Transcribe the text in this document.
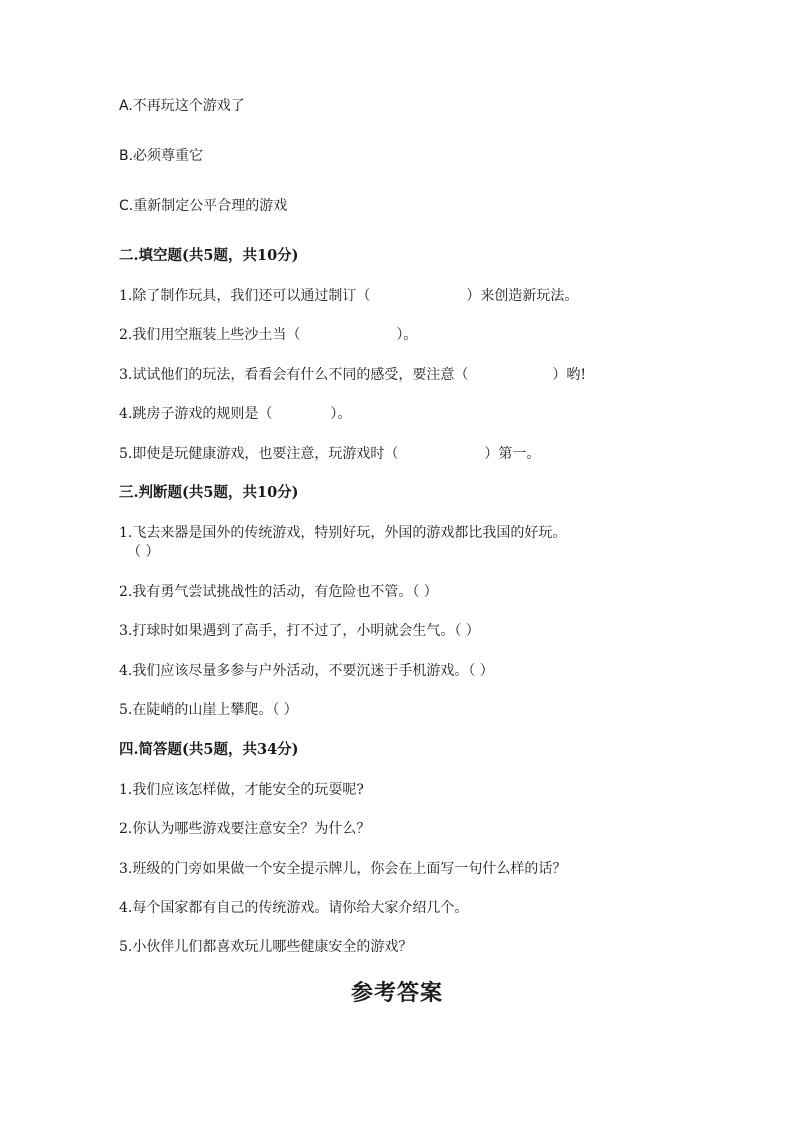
A.不再玩这个游戏了
B.必须尊重它
C.重新制定公平合理的游戏
二.填空题(共5题，共10分)
1.除了制作玩具，我们还可以通过制订（	）来创造新玩法。
2.我们用空瓶装上些沙土当（	）。
3.试试他们的玩法，看看会有什么不同的感受，要注意（	）哟!
4.跳房子游戏的规则是（	）。
5.即使是玩健康游戏，也要注意，玩游戏时（	）第一。
三.判断题(共5题，共10分)
1.飞去来器是国外的传统游戏，特别好玩，外国的游戏都比我国的好玩。
（ ）
2.我有勇气尝试挑战性的活动，有危险也不管。（ ）
3.打球时如果遇到了高手，打不过了，小明就会生气。（ ）
4.我们应该尽量多参与户外活动，不要沉迷于手机游戏。（ ）
5.在陡峭的山崖上攀爬。（ ）
四.简答题(共5题，共34分)
1.我们应该怎样做，才能安全的玩耍呢?
2.你认为哪些游戏要注意安全？为什么？
3.班级的门旁如果做一个安全提示牌儿，你会在上面写一句什么样的话？
4.每个国家都有自己的传统游戏。请你给大家介绍几个。
5.小伙伴儿们都喜欢玩儿哪些健康安全的游戏？
参考答案
